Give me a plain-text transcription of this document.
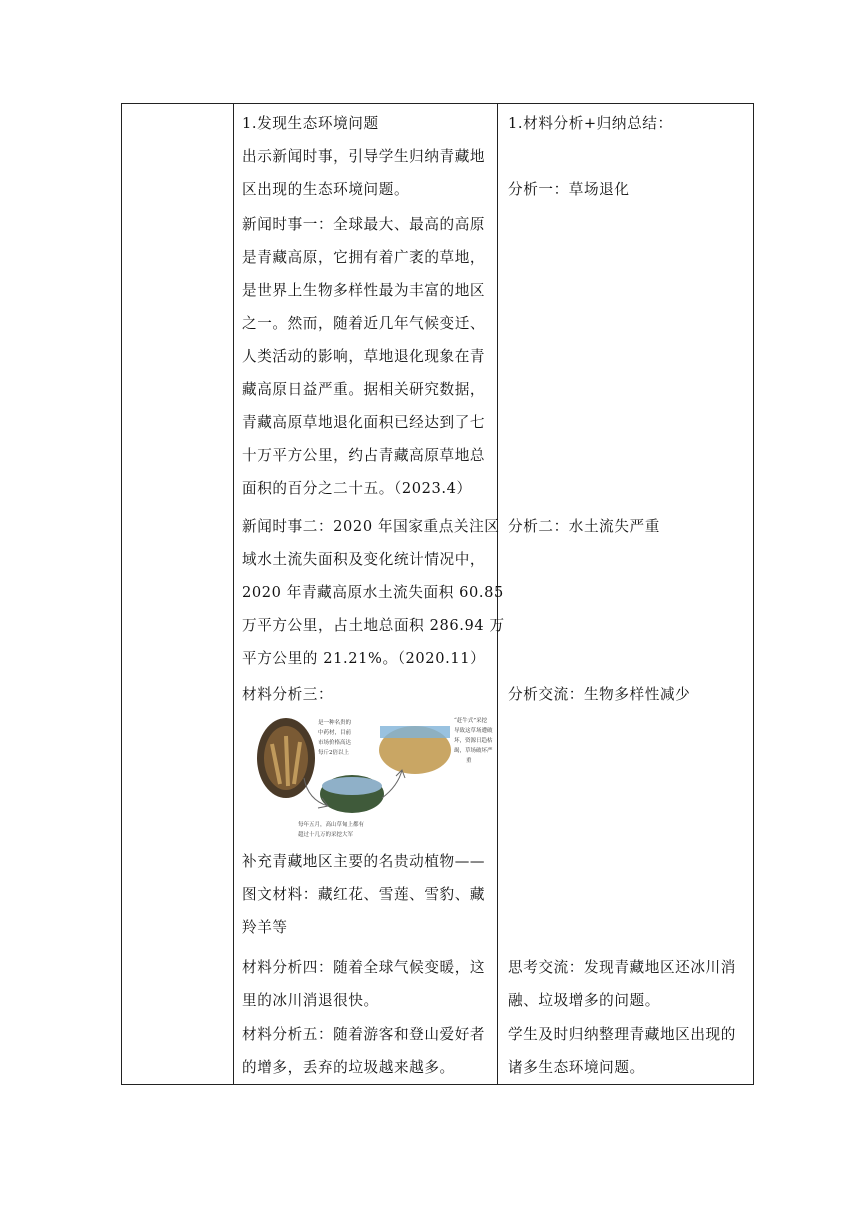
1.发现生态环境问题
出示新闻时事，引导学生归纳青藏地
区出现的生态环境问题。
新闻时事一：全球最大、最高的高原
是青藏高原，它拥有着广袤的草地，
是世界上生物多样性最为丰富的地区
之一。然而，随着近几年气候变迁、
人类活动的影响，草地退化现象在青
藏高原日益严重。据相关研究数据，
青藏高原草地退化面积已经达到了七
十万平方公里，约占青藏高原草地总
面积的百分之二十五。（2023.4）
新闻时事二：2020 年国家重点关注区
域水土流失面积及变化统计情况中，
2020 年青藏高原水土流失面积 60.85
万平方公里，占土地总面积 286.94 万
平方公里的 21.21%。（2020.11）
材料分析三：
是一种名贵的
中药材，目前
市场价格高达
每斤2倍以上
“赶牛式”采挖
导致这草场遭破
坏，资源日趋枯
竭，草场破坏严
重
每年五月，高山草甸上都有
超过十几万的采挖大军
补充青藏地区主要的名贵动植物——
图文材料：藏红花、雪莲、雪豹、藏
羚羊等
材料分析四：随着全球气候变暖，这
里的冰川消退很快。
材料分析五：随着游客和登山爱好者
的增多，丢弃的垃圾越来越多。
1.材料分析+归纳总结：
分析一：草场退化
分析二：水土流失严重
分析交流：生物多样性减少
思考交流：发现青藏地区还冰川消
融、垃圾增多的问题。
学生及时归纳整理青藏地区出现的
诸多生态环境问题。
